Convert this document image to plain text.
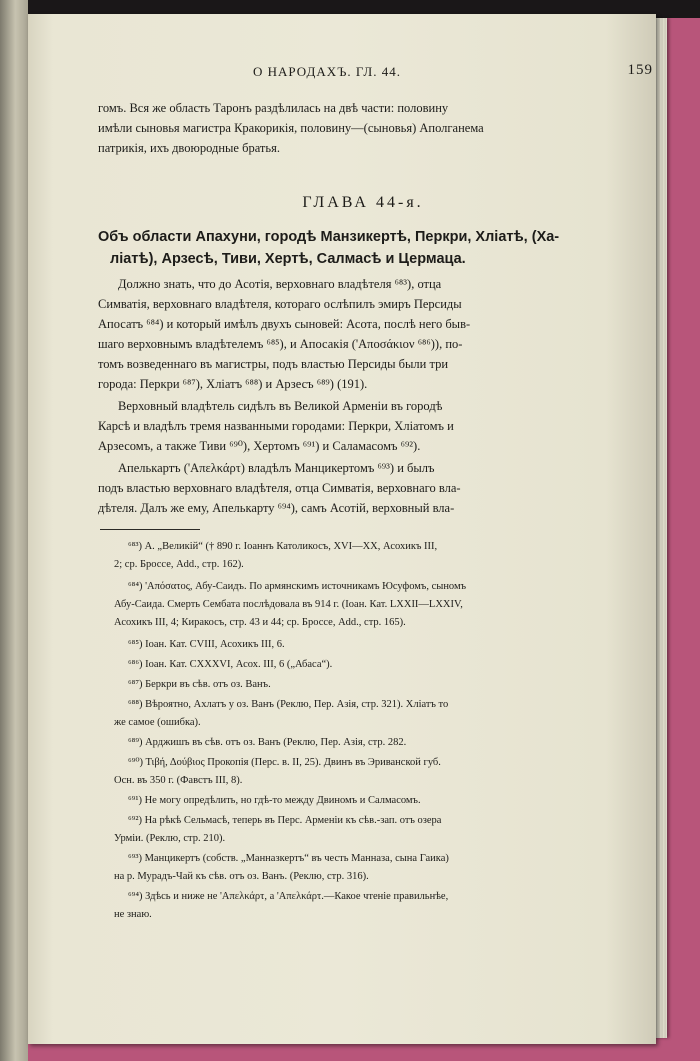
О НАРОДАХЪ. ГЛ. 44.	159
гомъ. Вся же область Таронъ раздѣлилась на двѣ части: половину
имѣли сыновья магистра Кракорикія, половину—(сыновья) Аполганема
патрикія, ихъ двоюродные братья.
ГЛАВА 44-я.
Объ области Апахуни, городѣ Манзикертѣ, Перкри, Хліатѣ, (Ха-
ліатѣ), Арзесѣ, Тиви, Хертѣ, Салмасѣ и Цермаца.
Должно знать, что до Асотія, верховнаго владѣтеля ⁶⁸³), отца
Симватія, верховнаго владѣтеля, котораго ослѣпилъ эмиръ Персиды
Апосатъ ⁶⁸⁴) и который имѣлъ двухъ сыновей: Асота, послѣ него быв-
шаго верховнымъ владѣтелемъ ⁶⁸⁵), и Апосакія ('Αποσάκιον ⁶⁸⁶)), по-
томъ возведеннаго въ магистры, подъ властью Персиды были три
города: Перкри ⁶⁸⁷), Хліатъ ⁶⁸⁸) и Арзесъ ⁶⁸⁹) (191).
Верховный владѣтель сидѣлъ въ Великой Арменіи въ городѣ
Карсѣ и владѣлъ тремя названными городами: Перкри, Хліатомъ и
Арзесомъ, а также Тиви ⁶⁹⁰), Хертомъ ⁶⁹¹) и Саламасомъ ⁶⁹²).
Апелькартъ ('Απελκάρτ) владѣлъ Манцикертомъ ⁶⁹³) и былъ
подъ властью верховнаго владѣтеля, отца Симватія, верховнаго вла-
дѣтеля. Далъ же ему, Апелькарту ⁶⁹⁴), самъ Асотій, верховный вла-
⁶⁸³) А. „Великій“ († 890 г. Іоаннъ Католикосъ, XVI—XX, Асохикъ III,
2; ср. Броссе, Add., стр. 162).
⁶⁸⁴) 'Απόσατος, Абу-Саидъ. По армянскимъ источникамъ Юсуфомъ, сыномъ
Абу-Саида. Смерть Сембата послѣдовала въ 914 г. (Іоан. Кат. LXXII—LXXIV,
Асохикъ III, 4; Киракосъ, стр. 43 и 44; ср. Броссе, Add., стр. 165).
⁶⁸⁵) Іоан. Кат. CVIII, Асохикъ III, 6.
⁶⁸⁶) Іоан. Кат. CXXXVI, Асох. III, 6 („Абаса“).
⁶⁸⁷) Беркри въ сѣв. отъ оз. Ванъ.
⁶⁸⁸) Вѣроятно, Ахлатъ у оз. Ванъ (Реклю, Пер. Азія, стр. 321). Хліатъ то
же самое (ошибка).
⁶⁸⁹) Арджишъ въ сѣв. отъ оз. Ванъ (Реклю, Пер. Азія, стр. 282.
⁶⁹⁰) Τιβή, Δούβιος Прокопія (Перс. в. II, 25). Двинъ въ Эриванской губ.
Осн. въ 350 г. (Фавстъ III, 8).
⁶⁹¹) Не могу опредѣлить, но гдѣ-то между Двиномъ и Салмасомъ.
⁶⁹²) На рѣкѣ Сельмасѣ, теперь въ Перс. Арменіи къ сѣв.-зап. отъ озера
Урміи. (Реклю, стр. 210).
⁶⁹³) Манцикертъ (собств. „Манназкертъ“ въ честь Манназа, сына Гаика)
на р. Мурадъ-Чай къ сѣв. отъ оз. Ванъ. (Реклю, стр. 316).
⁶⁹⁴) Здѣсь и ниже не 'Απελκάρτ, а 'Απελκάρτ.—Какое чтеніе правильнѣе,
не знаю.
